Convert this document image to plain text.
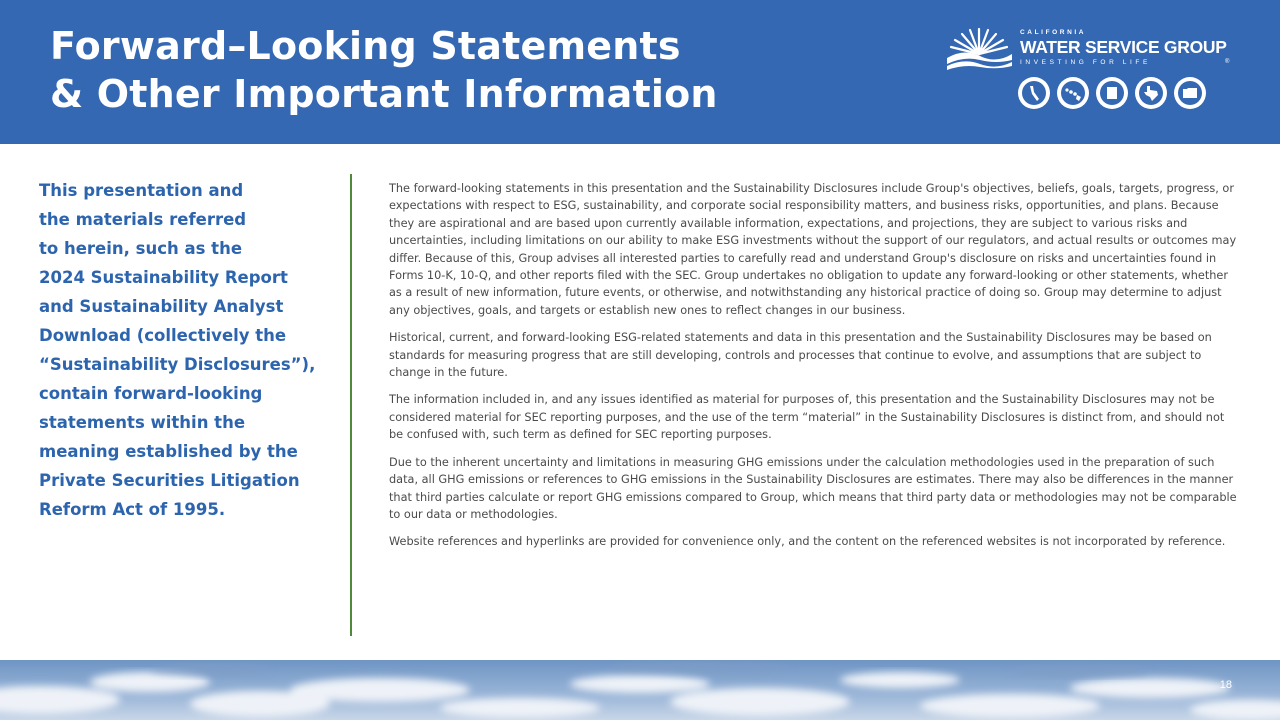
Forward–Looking Statements
& Other Important Information
CALIFORNIA
WATER SERVICE GROUP
INVESTING FOR LIFE	®
This presentation and
the materials referred
to herein, such as the
2024 Sustainability Report
and Sustainability Analyst
Download (collectively the
“Sustainability Disclosures”),
contain forward-looking
statements within the
meaning established by the
Private Securities Litigation
Reform Act of 1995.

The forward-looking statements in this presentation and the Sustainability Disclosures include Group's objectives, beliefs, goals, targets, progress, or expectations with respect to ESG, sustainability, and corporate social responsibility matters, and business risks, opportunities, and plans. Because they are aspirational and are based upon currently available information, expectations, and projections, they are subject to various risks and uncertainties, including limitations on our ability to make ESG investments without the support of our regulators, and actual results or outcomes may differ. Because of this, Group advises all interested parties to carefully read and understand Group's disclosure on risks and uncertainties found in Forms 10-K, 10-Q, and other reports filed with the SEC. Group undertakes no obligation to update any forward-looking or other statements, whether as a result of new information, future events, or otherwise, and notwithstanding any historical practice of doing so. Group may determine to adjust any objectives, goals, and targets or establish new ones to reflect changes in our business.

Historical, current, and forward-looking ESG-related statements and data in this presentation and the Sustainability Disclosures may be based on standards for measuring progress that are still developing, controls and processes that continue to evolve, and assumptions that are subject to change in the future.

The information included in, and any issues identified as material for purposes of, this presentation and the Sustainability Disclosures may not be considered material for SEC reporting purposes, and the use of the term “material” in the Sustainability Disclosures is distinct from, and should not be confused with, such term as defined for SEC reporting purposes.

Due to the inherent uncertainty and limitations in measuring GHG emissions under the calculation methodologies used in the preparation of such data, all GHG emissions or references to GHG emissions in the Sustainability Disclosures are estimates. There may also be differences in the manner that third parties calculate or report GHG emissions compared to Group, which means that third party data or methodologies may not be comparable to our data or methodologies.

Website references and hyperlinks are provided for convenience only, and the content on the referenced websites is not incorporated by reference.

18
